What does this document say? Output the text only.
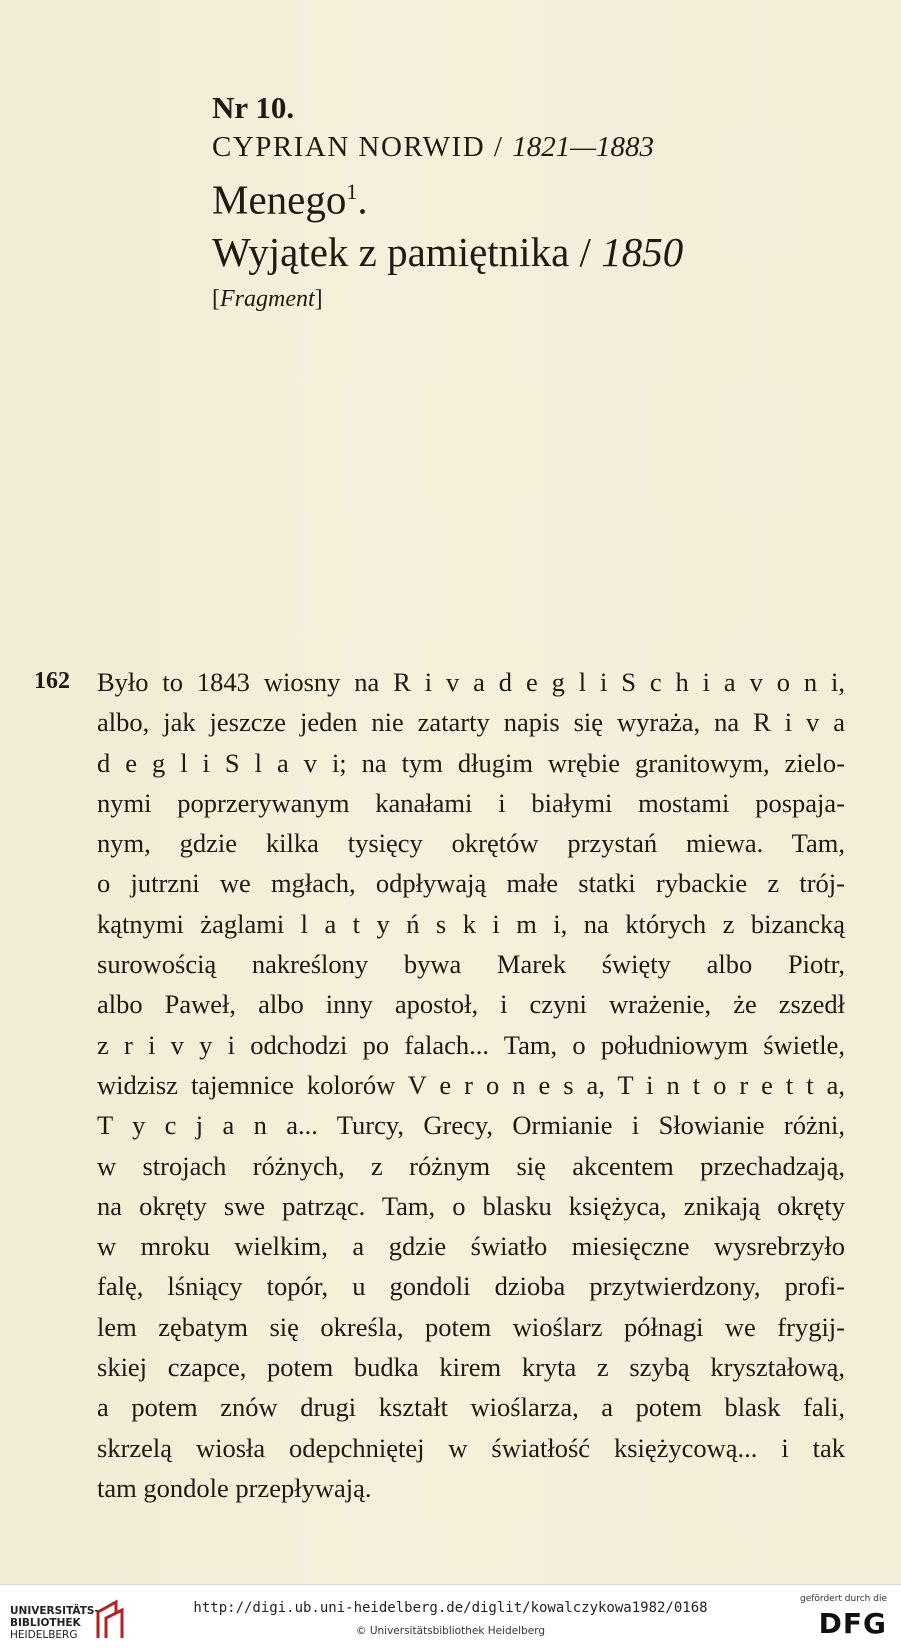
Nr 10.
CYPRIAN NORWID / 1821—1883
Menego$^1$.
Wyjątek z pamiętnika / 1850
[Fragment]
162 Było to 1843 wiosny na R i v a d e g l i S c h i a v o n i,
albo, jak jeszcze jeden nie zatarty napis się wyraża, na R i v a
d e g l i S l a v i; na tym długim wrębie granitowym, zielo-
nymi poprzerywanym kanałami i białymi mostami pospaja-
nym, gdzie kilka tysięcy okrętów przystań miewa. Tam,
o jutrzni we mgłach, odpływają małe statki rybackie z trój-
kątnymi żaglami l a t y ń s k i m i, na których z bizancką
surowością nakreślony bywa Marek święty albo Piotr,
albo Paweł, albo inny apostoł, i czyni wrażenie, że zszedł
z r i v y i odchodzi po falach... Tam, o południowym świetle,
widzisz tajemnice kolorów V e r o n e s a, T i n t o r e t t a,
T y c j a n a... Turcy, Grecy, Ormianie i Słowianie różni,
w strojach różnych, z różnym się akcentem przechadzają,
na okręty swe patrząc. Tam, o blasku księżyca, znikają okręty
w mroku wielkim, a gdzie światło miesięczne wysrebrzyło
falę, lśniący topór, u gondoli dzioba przytwierdzony, profi-
lem zębatym się określa, potem wioślarz półnagi we frygij-
skiej czapce, potem budka kirem kryta z szybą kryształową,
a potem znów drugi kształt wioślarza, a potem blask fali,
skrzelą wiosła odepchniętej w światłość księżycową... i tak
tam gondole przepływają.
UNIVERSITÄTS-
BIBLIOTHEK
HEIDELBERG
http://digi.ub.uni-heidelberg.de/diglit/kowalczykowa1982/0168
© Universitätsbibliothek Heidelberg
gefördert durch die
DFG
